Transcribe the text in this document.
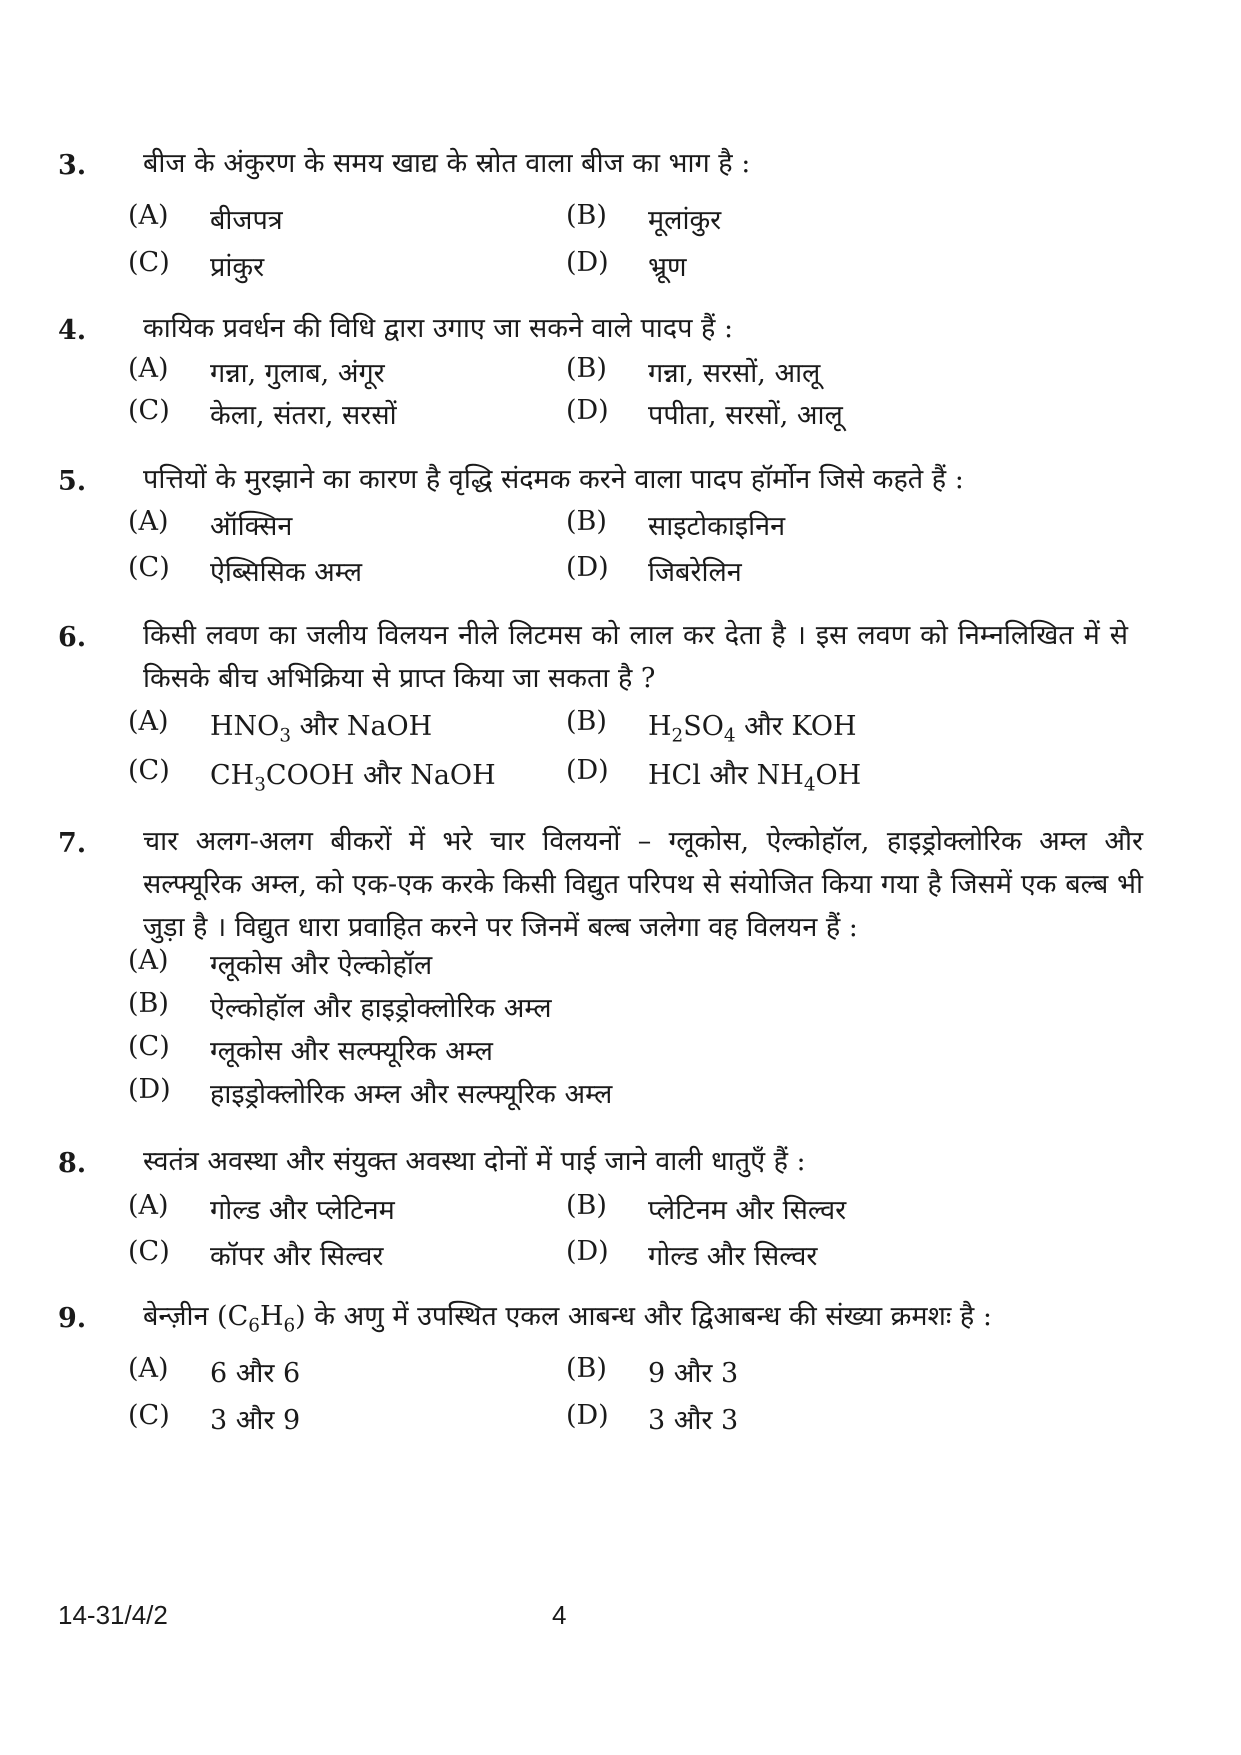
3. बीज के अंकुरण के समय खाद्य के स्रोत वाला बीज का भाग है :
(A) बीजपत्र	(B) मूलांकुर
(C) प्रांकुर	(D) भ्रूण
4. कायिक प्रवर्धन की विधि द्वारा उगाए जा सकने वाले पादप हैं :
(A) गन्ना, गुलाब, अंगूर	(B) गन्ना, सरसों, आलू
(C) केला, संतरा, सरसों	(D) पपीता, सरसों, आलू
5. पत्तियों के मुरझाने का कारण है वृद्धि संदमक करने वाला पादप हॉर्मोन जिसे कहते हैं :
(A) ऑक्सिन	(B) साइटोकाइनिन
(C) ऐब्सिसिक अम्ल	(D) जिबरेलिन
6. किसी लवण का जलीय विलयन नीले लिटमस को लाल कर देता है । इस लवण को निम्नलिखित में से किसके बीच अभिक्रिया से प्राप्त किया जा सकता है ?
(A) $HNO_3$ और NaOH	(B) $H_2SO_4$ और KOH
(C) $CH_3COOH$ और NaOH	(D) HCl और $NH_4OH$
7. चार अलग-अलग बीकरों में भरे चार विलयनों – ग्लूकोस, ऐल्कोहॉल, हाइड्रोक्लोरिक अम्ल और सल्फ्यूरिक अम्ल, को एक-एक करके किसी विद्युत परिपथ से संयोजित किया गया है जिसमें एक बल्ब भी जुड़ा है । विद्युत धारा प्रवाहित करने पर जिनमें बल्ब जलेगा वह विलयन हैं :
(A) ग्लूकोस और ऐल्कोहॉल
(B) ऐल्कोहॉल और हाइड्रोक्लोरिक अम्ल
(C) ग्लूकोस और सल्फ्यूरिक अम्ल
(D) हाइड्रोक्लोरिक अम्ल और सल्फ्यूरिक अम्ल
8. स्वतंत्र अवस्था और संयुक्त अवस्था दोनों में पाई जाने वाली धातुएँ हैं :
(A) गोल्ड और प्लेटिनम	(B) प्लेटिनम और सिल्वर
(C) कॉपर और सिल्वर	(D) गोल्ड और सिल्वर
9. बेन्ज़ीन $(C_6H_6)$ के अणु में उपस्थित एकल आबन्ध और द्विआबन्ध की संख्या क्रमशः है :
(A) 6 और 6	(B) 9 और 3
(C) 3 और 9	(D) 3 और 3
14-31/4/2	4
